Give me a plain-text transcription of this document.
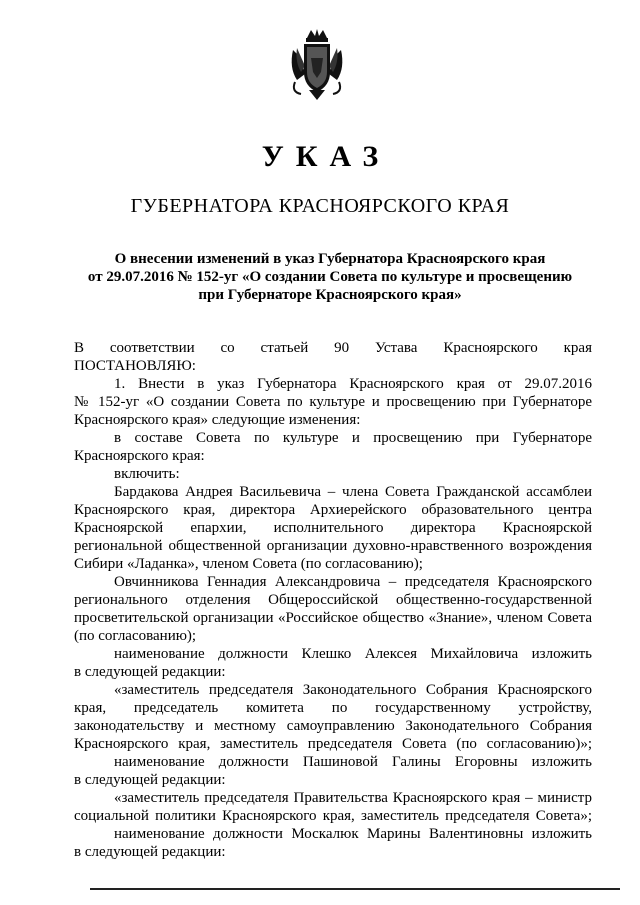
УКАЗ
ГУБЕРНАТОРА КРАСНОЯРСКОГО КРАЯ
О внесении изменений в указ Губернатора Красноярского края
от 29.07.2016 № 152-уг «О создании Совета по культуре и просвещению
при Губернаторе Красноярского края»
В соответствии со статьей 90 Устава Красноярского края
ПОСТАНОВЛЯЮ:
1. Внести в указ Губернатора Красноярского края от 29.07.2016
№ 152-уг «О создании Совета по культуре и просвещению при Губернаторе
Красноярского края» следующие изменения:
в составе Совета по культуре и просвещению при Губернаторе
Красноярского края:
включить:
Бардакова Андрея Васильевича – члена Совета Гражданской ассамблеи
Красноярского края, директора Архиерейского образовательного центра
Красноярской епархии, исполнительного директора Красноярской
региональной общественной организации духовно-нравственного возрождения
Сибири «Ладанка», членом Совета (по согласованию);
Овчинникова Геннадия Александровича – председателя Красноярского
регионального отделения Общероссийской общественно-государственной
просветительской организации «Российское общество «Знание», членом Совета
(по согласованию);
наименование должности Клешко Алексея Михайловича изложить
в следующей редакции:
«заместитель председателя Законодательного Собрания Красноярского
края, председатель комитета по государственному устройству,
законодательству и местному самоуправлению Законодательного Собрания
Красноярского края, заместитель председателя Совета (по согласованию)»;
наименование должности Пашиновой Галины Егоровны изложить
в следующей редакции:
«заместитель председателя Правительства Красноярского края – министр
социальной политики Красноярского края, заместитель председателя Совета»;
наименование должности Москалюк Марины Валентиновны изложить
в следующей редакции:
